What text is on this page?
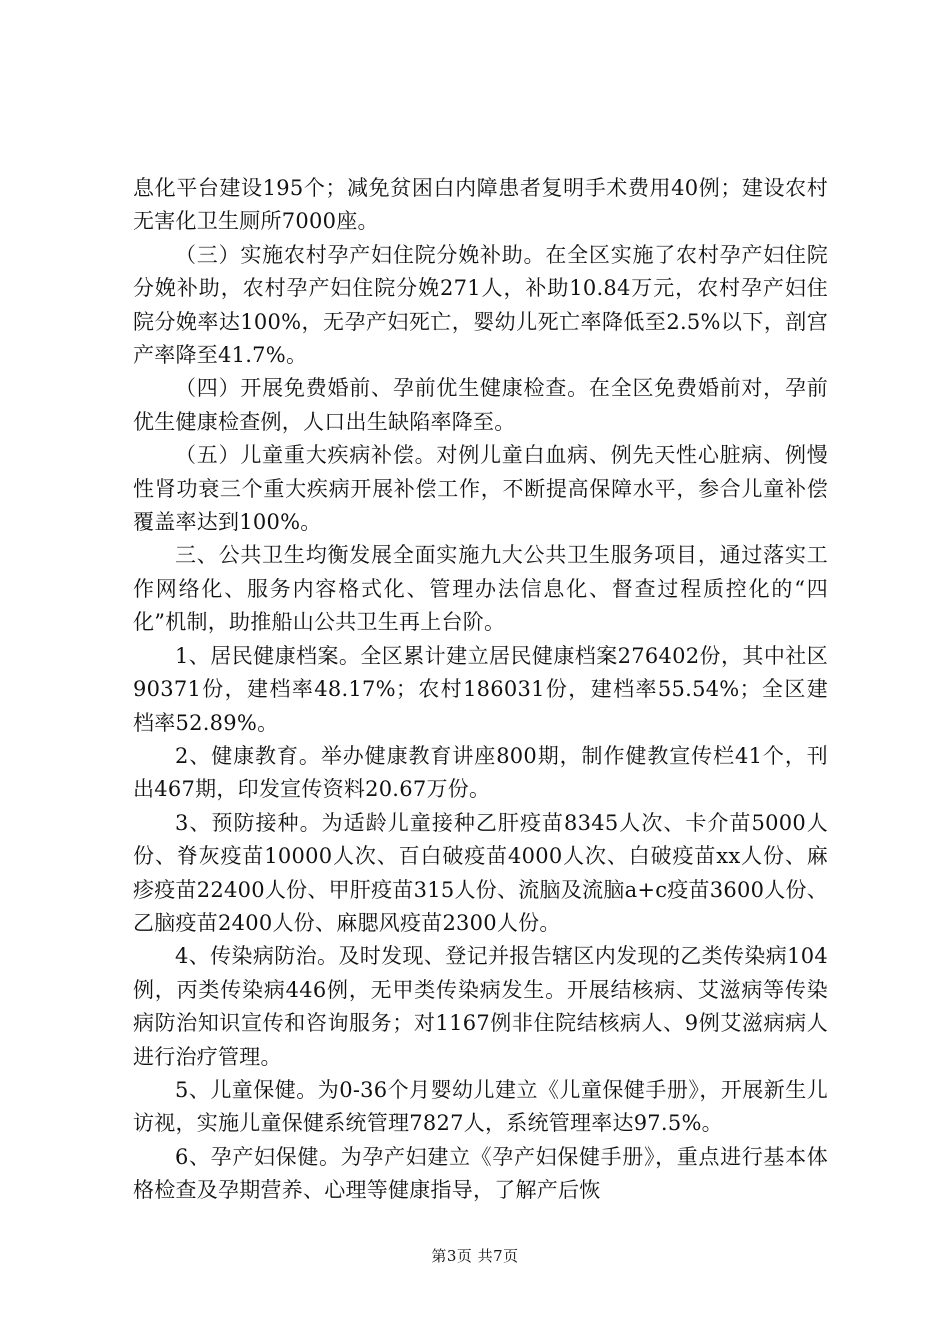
息化平台建设195个；减免贫困白内障患者复明手术费用40例；建设农村无害化卫生厕所7000座。

（三）实施农村孕产妇住院分娩补助。在全区实施了农村孕产妇住院分娩补助，农村孕产妇住院分娩271人，补助10.84万元，农村孕产妇住院分娩率达100%，无孕产妇死亡，婴幼儿死亡率降低至2.5%以下，剖宫产率降至41.7%。

（四）开展免费婚前、孕前优生健康检查。在全区免费婚前对，孕前优生健康检查例，人口出生缺陷率降至。

（五）儿童重大疾病补偿。对例儿童白血病、例先天性心脏病、例慢性肾功衰三个重大疾病开展补偿工作，不断提高保障水平，参合儿童补偿覆盖率达到100%。

三、公共卫生均衡发展全面实施九大公共卫生服务项目，通过落实工作网络化、服务内容格式化、管理办法信息化、督查过程质控化的“四化”机制，助推船山公共卫生再上台阶。

1、居民健康档案。全区累计建立居民健康档案276402份，其中社区90371份，建档率48.17%；农村186031份，建档率55.54%；全区建档率52.89%。

2、健康教育。举办健康教育讲座800期，制作健教宣传栏41个，刊出467期，印发宣传资料20.67万份。

3、预防接种。为适龄儿童接种乙肝疫苗8345人次、卡介苗5000人份、脊灰疫苗10000人次、百白破疫苗4000人次、白破疫苗xx人份、麻疹疫苗22400人份、甲肝疫苗315人份、流脑及流脑a+c疫苗3600人份、乙脑疫苗2400人份、麻腮风疫苗2300人份。

4、传染病防治。及时发现、登记并报告辖区内发现的乙类传染病104例，丙类传染病446例，无甲类传染病发生。开展结核病、艾滋病等传染病防治知识宣传和咨询服务；对1167例非住院结核病人、9例艾滋病病人进行治疗管理。

5、儿童保健。为0-36个月婴幼儿建立《儿童保健手册》，开展新生儿访视，实施儿童保健系统管理7827人，系统管理率达97.5%。

6、孕产妇保健。为孕产妇建立《孕产妇保健手册》，重点进行基本体格检查及孕期营养、心理等健康指导，了解产后恢

第3页 共7页
